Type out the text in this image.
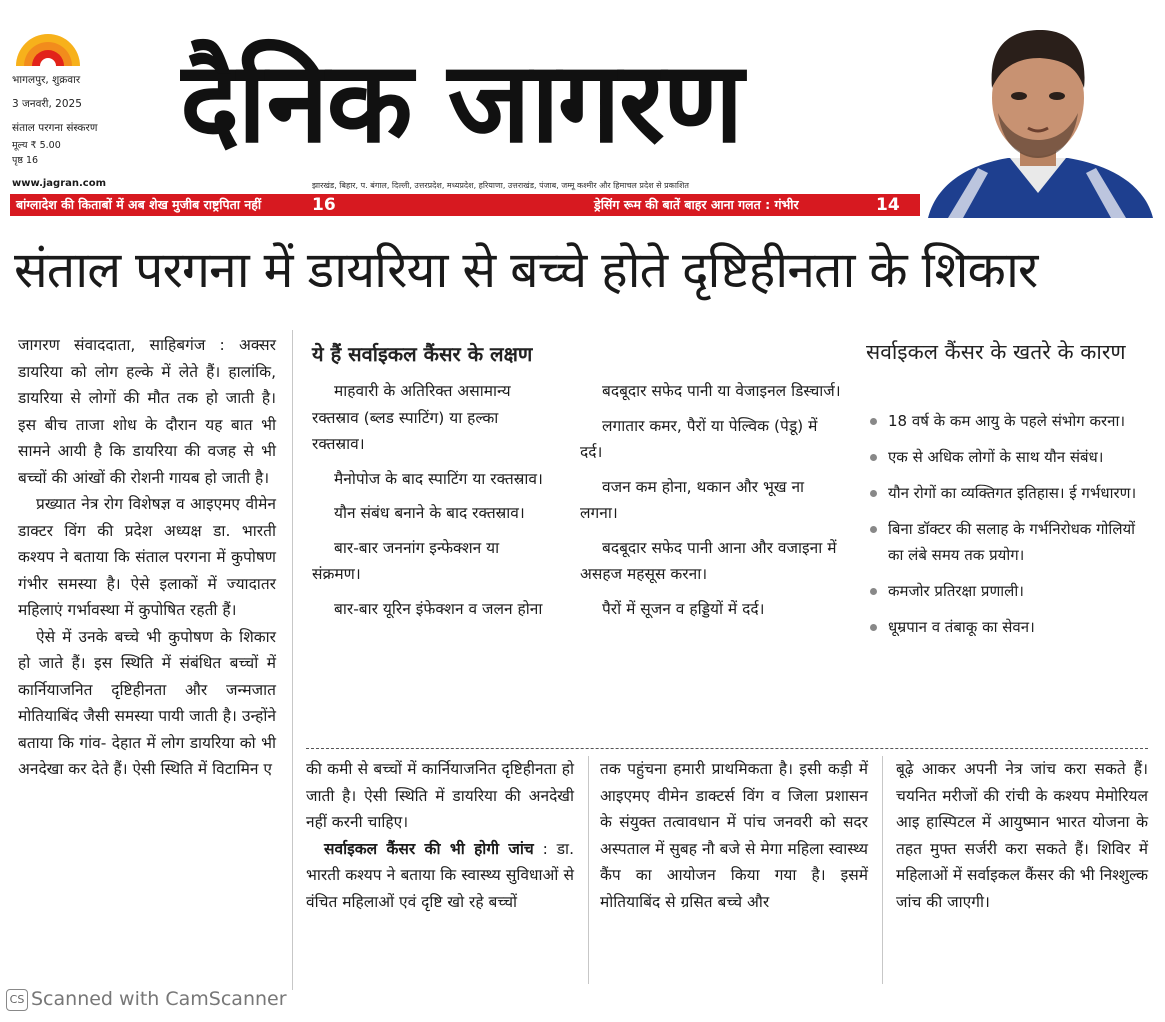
भागलपुर, शुक्रवार
3 जनवरी, 2025
संताल परगना संस्करण
मूल्य ₹ 5.00
पृष्ठ 16 दैनिक जागरण
www.jagran.com	झारखंड, बिहार, प. बंगाल, दिल्ली, उत्तरप्रदेश, मध्यप्रदेश, हरियाणा, उत्तराखंड, पंजाब, जम्मू कश्मीर और हिमाचल प्रदेश से प्रकाशित
बांग्लादेश की किताबों में अब शेख मुजीब राष्ट्रपिता नहीं	16	ड्रेसिंग रूम की बातें बाहर आना गलत : गंभीर	14
संताल परगना में डायरिया से बच्चे होते दृष्टिहीनता के शिकार

जागरण संवाददाता, साहिबगंज : अक्सर डायरिया को लोग हल्के में लेते हैं। हालांकि, डायरिया से लोगों की मौत तक हो जाती है। इस बीच ताजा शोध के दौरान यह बात भी सामने आयी है कि डायरिया की वजह से भी बच्चों की आंखों की रोशनी गायब हो जाती है।

प्रख्यात नेत्र रोग विशेषज्ञ व आइएमए वीमेन डाक्टर विंग की प्रदेश अध्यक्ष डा. भारती कश्यप ने बताया कि संताल परगना में कुपोषण गंभीर समस्या है। ऐसे इलाकों में ज्यादातर महिलाएं गर्भावस्था में कुपोषित रहती हैं।

ऐसे में उनके बच्चे भी कुपोषण के शिकार हो जाते हैं। इस स्थिति में संबंधित बच्चों में कार्नियाजनित दृष्टिहीनता और जन्मजात मोतियाबिंद जैसी समस्या पायी जाती है। उन्होंने बताया कि गांव- देहात में लोग डायरिया को भी अनदेखा कर देते हैं। ऐसी स्थिति में विटामिन ए

ये हैं सर्वाइकल कैंसर के लक्षण
माहवारी के अतिरिक्त असामान्य रक्तस्राव (ब्लड स्पाटिंग) या हल्का रक्तस्राव।
मैनोपोज के बाद स्पाटिंग या रक्तस्राव।
यौन संबंध बनाने के बाद रक्तस्राव।
बार-बार जननांग इन्फेक्शन या संक्रमण।
बार-बार यूरिन इंफेक्शन व जलन होना
बदबूदार सफेद पानी या वेजाइनल डिस्चार्ज।
लगातार कमर, पैरों या पेल्विक (पेडू) में दर्द।
वजन कम होना, थकान और भूख ना लगना।
बदबूदार सफेद पानी आना और वजाइना में असहज महसूस करना।
पैरों में सूजन व हड्डियों में दर्द।
सर्वाइकल कैंसर के खतरे के कारण
18 वर्ष के कम आयु के पहले संभोग करना।
एक से अधिक लोगों के साथ यौन संबंध।
यौन रोगों का व्यक्तिगत इतिहास। ई गर्भधारण।
बिना डॉक्टर की सलाह के गर्भनिरोधक गोलियों का लंबे समय तक प्रयोग।
कमजोर प्रतिरक्षा प्रणाली।
धूम्रपान व तंबाकू का सेवन।

की कमी से बच्चों में कार्नियाजनित दृष्टिहीनता हो जाती है। ऐसी स्थिति में डायरिया की अनदेखी नहीं करनी चाहिए।

सर्वाइकल कैंसर की भी होगी जांच : डा. भारती कश्यप ने बताया कि स्वास्थ्य सुविधाओं से वंचित महिलाओं एवं दृष्टि खो रहे बच्चों

तक पहुंचना हमारी प्राथमिकता है। इसी कड़ी में आइएमए वीमेन डाक्टर्स विंग व जिला प्रशासन के संयुक्त तत्वावधान में पांच जनवरी को सदर अस्पताल में सुबह नौ बजे से मेगा महिला स्वास्थ्य कैंप का आयोजन किया गया है। इसमें मोतियाबिंद से ग्रसित बच्चे और

बूढ़े आकर अपनी नेत्र जांच करा सकते हैं। चयनित मरीजों की रांची के कश्यप मेमोरियल आइ हास्पिटल में आयुष्मान भारत योजना के तहत मुफ्त सर्जरी करा सकते हैं। शिविर में महिलाओं में सर्वाइकल कैंसर की भी निश्शुल्क जांच की जाएगी।

CS Scanned with CamScanner
